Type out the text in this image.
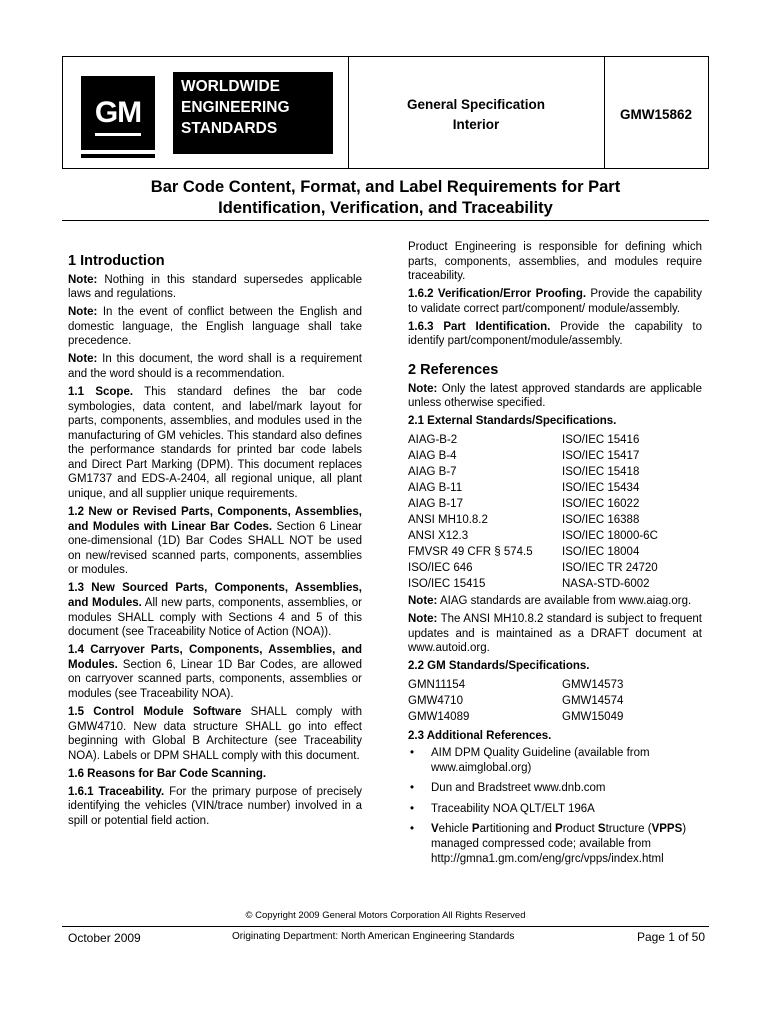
GM
WORLDWIDE
ENGINEERING
STANDARDS
General Specification
Interior
GMW15862
Bar Code Content, Format, and Label Requirements for Part
Identification, Verification, and Traceability
1 Introduction

Note: Nothing in this standard supersedes applicable laws and regulations.

Note: In the event of conflict between the English and domestic language, the English language shall take precedence.

Note: In this document, the word shall is a requirement and the word should is a recommendation.

1.1 Scope. This standard defines the bar code symbologies, data content, and label/mark layout for parts, components, assemblies, and modules used in the manufacturing of GM vehicles. This standard also defines the performance standards for printed bar code labels and Direct Part Marking (DPM). This document replaces GM1737 and EDS-A-2404, all regional unique, all plant unique, and all supplier unique requirements.

1.2 New or Revised Parts, Components, Assemblies, and Modules with Linear Bar Codes. Section 6 Linear one-dimensional (1D) Bar Codes SHALL NOT be used on new/revised scanned parts, components, assemblies or modules.

1.3 New Sourced Parts, Components, Assemblies, and Modules. All new parts, components, assemblies, or modules SHALL comply with Sections 4 and 5 of this document (see Traceability Notice of Action (NOA)).

1.4 Carryover Parts, Components, Assemblies, and Modules. Section 6, Linear 1D Bar Codes, are allowed on carryover scanned parts, components, assemblies or modules (see Traceability NOA).

1.5 Control Module Software SHALL comply with GMW4710. New data structure SHALL go into effect beginning with Global B Architecture (see Traceability NOA). Labels or DPM SHALL comply with this document.

1.6 Reasons for Bar Code Scanning.

1.6.1 Traceability. For the primary purpose of precisely identifying the vehicles (VIN/trace number) involved in a spill or potential field action.

Product Engineering is responsible for defining which parts, components, assemblies, and modules require traceability.

1.6.2 Verification/Error Proofing. Provide the capability to validate correct part/component/ module/assembly.

1.6.3 Part Identification. Provide the capability to identify part/component/module/assembly.

2 References

Note: Only the latest approved standards are applicable unless otherwise specified.

2.1 External Standards/Specifications.

AIAG-B-2	ISO/IEC 15416
AIAG B-4	ISO/IEC 15417
AIAG B-7	ISO/IEC 15418
AIAG B-11	ISO/IEC 15434
AIAG B-17	ISO/IEC 16022
ANSI MH10.8.2	ISO/IEC 16388
ANSI X12.3	ISO/IEC 18000-6C
FMVSR 49 CFR § 574.5	ISO/IEC 18004
ISO/IEC 646	ISO/IEC TR 24720
ISO/IEC 15415	NASA-STD-6002

Note: AIAG standards are available from www.aiag.org.

Note: The ANSI MH10.8.2 standard is subject to frequent updates and is maintained as a DRAFT document at www.autoid.org.

2.2 GM Standards/Specifications.

GMN11154	GMW14573
GMW4710	GMW14574
GMW14089	GMW15049

2.3 Additional References.

• AIM DPM Quality Guideline (available from www.aimglobal.org)
• Dun and Bradstreet www.dnb.com
• Traceability NOA QLT/ELT 196A
• Vehicle Partitioning and Product Structure (VPPS) managed compressed code; available from http://gmna1.gm.com/eng/grc/vpps/index.html
© Copyright 2009 General Motors Corporation All Rights Reserved
October 2009	Originating Department: North American Engineering Standards	Page 1 of 50
